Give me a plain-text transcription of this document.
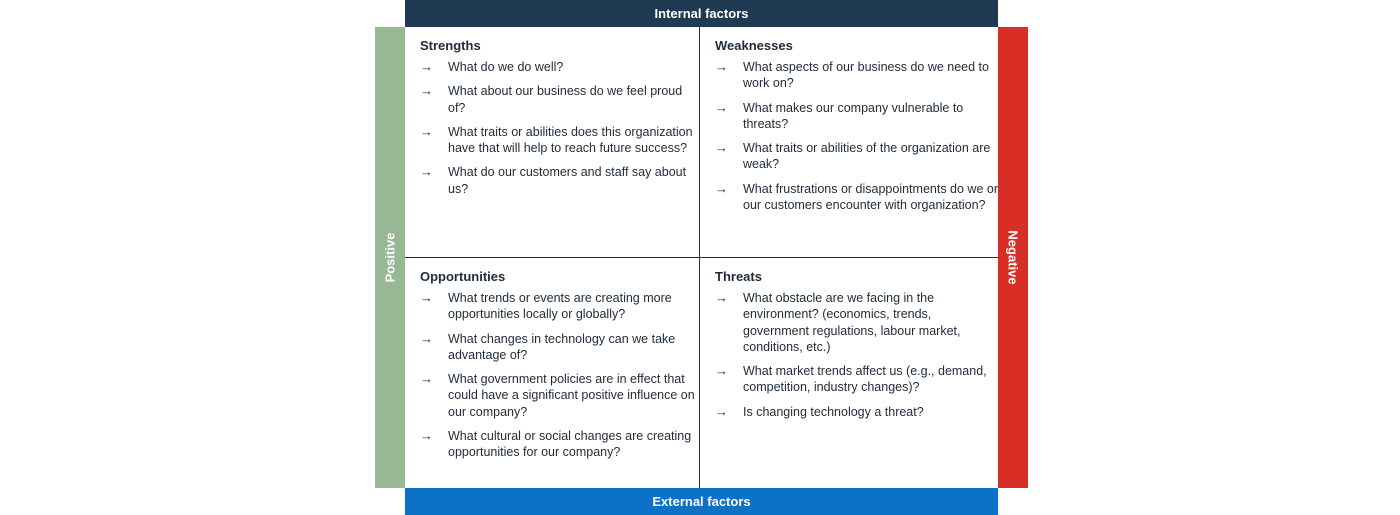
Internal factors
Positive	Negative
Strengths
→	What do we do well?
→	What about our business do we feel proud of?
→	What traits or abilities does this organization have that will help to reach future success?
→	What do our customers and staff say about us?
Weaknesses
→	What aspects of our business do we need to work on?
→	What makes our company vulnerable to threats?
→	What traits or abilities of the organization are weak?
→	What frustrations or disappointments do we or our customers encounter with organization?
Opportunities
→	What trends or events are creating more opportunities locally or globally?
→	What changes in technology can we take advantage of?
→	What government policies are in effect that could have a significant positive influence on our company?
→	What cultural or social changes are creating opportunities for our company?
Threats
→	What obstacle are we facing in the environment? (economics, trends, government regulations, labour market, conditions, etc.)
→	What market trends affect us (e.g., demand, competition, industry changes)?
→	Is changing technology a threat?
External factors
